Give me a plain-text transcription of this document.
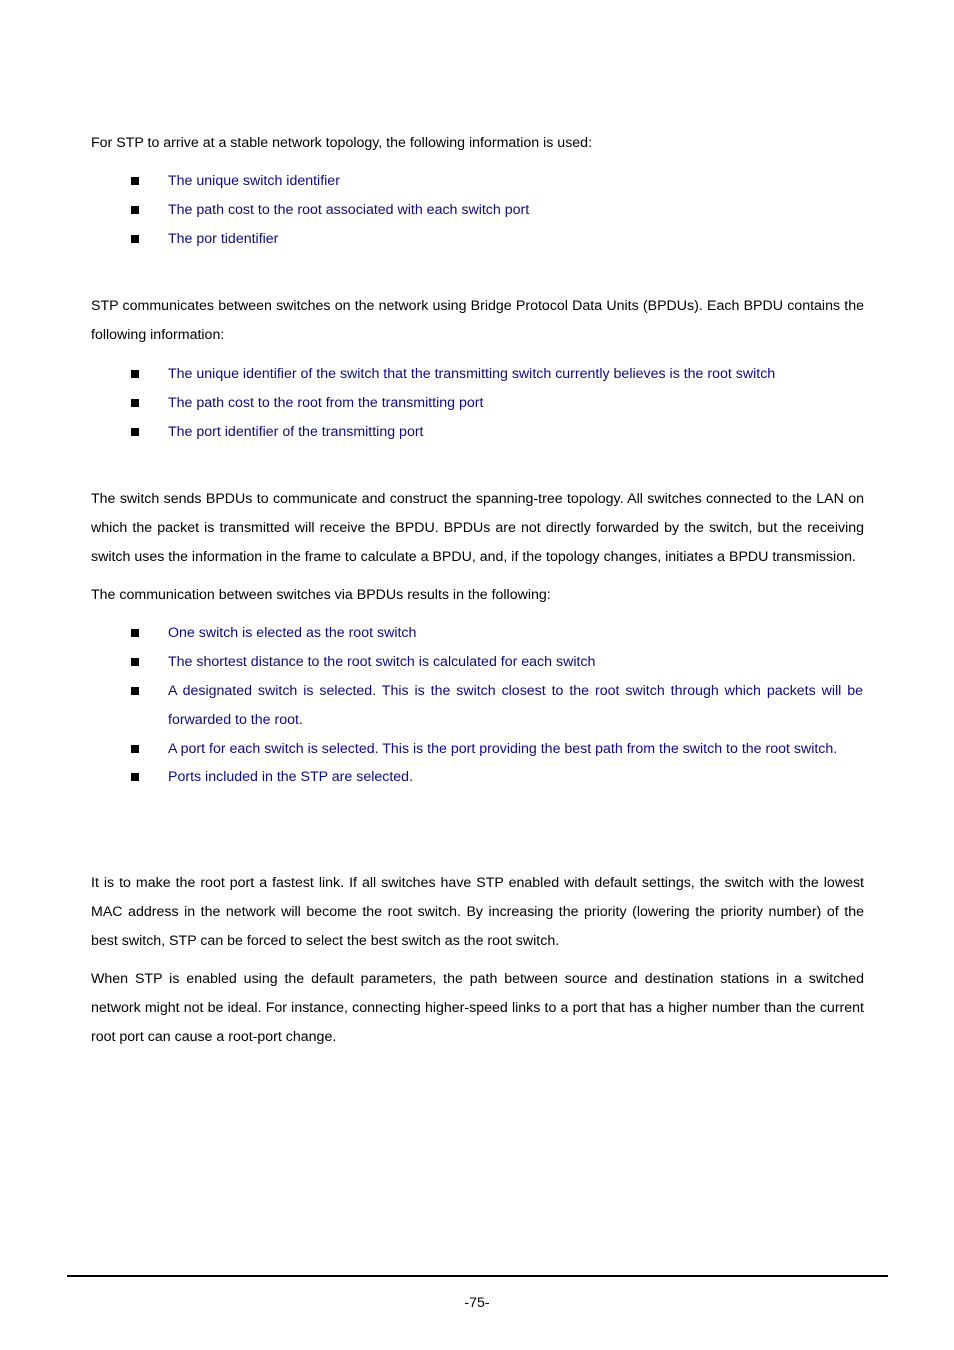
For STP to arrive at a stable network topology, the following information is used:

The unique switch identifier
The path cost to the root associated with each switch port
The por tidentifier

STP communicates between switches on the network using Bridge Protocol Data Units (BPDUs). Each BPDU contains the following information:

The unique identifier of the switch that the transmitting switch currently believes is the root switch
The path cost to the root from the transmitting port
The port identifier of the transmitting port

The switch sends BPDUs to communicate and construct the spanning-tree topology. All switches connected to the LAN on which the packet is transmitted will receive the BPDU. BPDUs are not directly forwarded by the switch, but the receiving switch uses the information in the frame to calculate a BPDU, and, if the topology changes, initiates a BPDU transmission.

The communication between switches via BPDUs results in the following:

One switch is elected as the root switch
The shortest distance to the root switch is calculated for each switch
A designated switch is selected. This is the switch closest to the root switch through which packets will be forwarded to the root.
A port for each switch is selected. This is the port providing the best path from the switch to the root switch.
Ports included in the STP are selected.

It is to make the root port a fastest link. If all switches have STP enabled with default settings, the switch with the lowest MAC address in the network will become the root switch. By increasing the priority (lowering the priority number) of the best switch, STP can be forced to select the best switch as the root switch.

When STP is enabled using the default parameters, the path between source and destination stations in a switched network might not be ideal. For instance, connecting higher-speed links to a port that has a higher number than the current root port can cause a root-port change.

-75-
